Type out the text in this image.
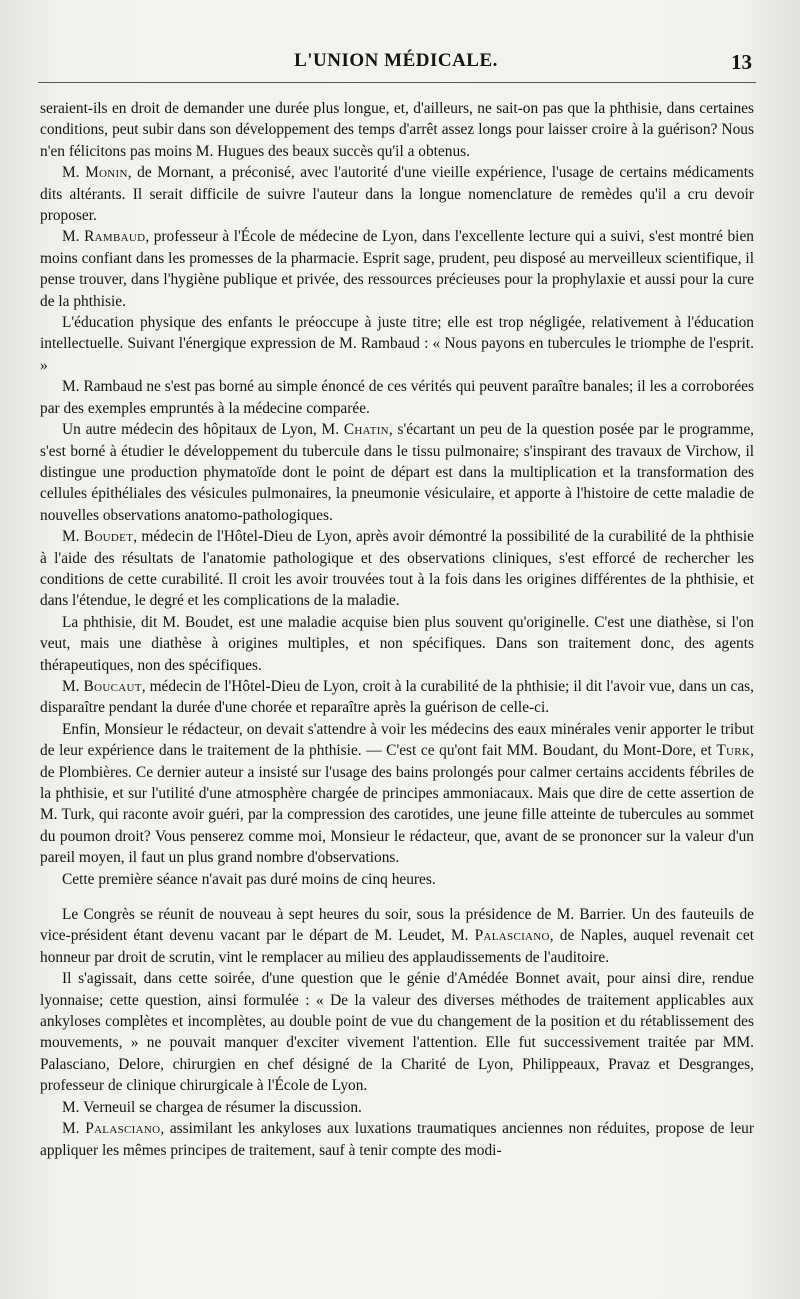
L'UNION MÉDICALE.	13

seraient-ils en droit de demander une durée plus longue, et, d'ailleurs, ne sait-on pas que la phthisie, dans certaines conditions, peut subir dans son développement des temps d'arrêt assez longs pour laisser croire à la guérison? Nous n'en félicitons pas moins M. Hugues des beaux succès qu'il a obtenus.

M. Monin, de Mornant, a préconisé, avec l'autorité d'une vieille expérience, l'usage de certains médicaments dits altérants. Il serait difficile de suivre l'auteur dans la longue nomenclature de remèdes qu'il a cru devoir proposer.

M. Rambaud, professeur à l'École de médecine de Lyon, dans l'excellente lecture qui a suivi, s'est montré bien moins confiant dans les promesses de la pharmacie. Esprit sage, prudent, peu disposé au merveilleux scientifique, il pense trouver, dans l'hygiène publique et privée, des ressources précieuses pour la prophylaxie et aussi pour la cure de la phthisie.

L'éducation physique des enfants le préoccupe à juste titre; elle est trop négligée, relativement à l'éducation intellectuelle. Suivant l'énergique expression de M. Rambaud : « Nous payons en tubercules le triomphe de l'esprit. »

M. Rambaud ne s'est pas borné au simple énoncé de ces vérités qui peuvent paraître banales; il les a corroborées par des exemples empruntés à la médecine comparée.

Un autre médecin des hôpitaux de Lyon, M. Chatin, s'écartant un peu de la question posée par le programme, s'est borné à étudier le développement du tubercule dans le tissu pulmonaire; s'inspirant des travaux de Virchow, il distingue une production phymatoïde dont le point de départ est dans la multiplication et la transformation des cellules épithéliales des vésicules pulmonaires, la pneumonie vésiculaire, et apporte à l'histoire de cette maladie de nouvelles observations anatomo-pathologiques.

M. Boudet, médecin de l'Hôtel-Dieu de Lyon, après avoir démontré la possibilité de la curabilité de la phthisie à l'aide des résultats de l'anatomie pathologique et des observations cliniques, s'est efforcé de rechercher les conditions de cette curabilité. Il croit les avoir trouvées tout à la fois dans les origines différentes de la phthisie, et dans l'étendue, le degré et les complications de la maladie.

La phthisie, dit M. Boudet, est une maladie acquise bien plus souvent qu'originelle. C'est une diathèse, si l'on veut, mais une diathèse à origines multiples, et non spécifiques. Dans son traitement donc, des agents thérapeutiques, non des spécifiques.

M. Boucaut, médecin de l'Hôtel-Dieu de Lyon, croit à la curabilité de la phthisie; il dit l'avoir vue, dans un cas, disparaître pendant la durée d'une chorée et reparaître après la guérison de celle-ci.

Enfin, Monsieur le rédacteur, on devait s'attendre à voir les médecins des eaux minérales venir apporter le tribut de leur expérience dans le traitement de la phthisie. — C'est ce qu'ont fait MM. Boudant, du Mont-Dore, et Turk, de Plombières. Ce dernier auteur a insisté sur l'usage des bains prolongés pour calmer certains accidents fébriles de la phthisie, et sur l'utilité d'une atmosphère chargée de principes ammoniacaux. Mais que dire de cette assertion de M. Turk, qui raconte avoir guéri, par la compression des carotides, une jeune fille atteinte de tubercules au sommet du poumon droit? Vous penserez comme moi, Monsieur le rédacteur, que, avant de se prononcer sur la valeur d'un pareil moyen, il faut un plus grand nombre d'observations.

Cette première séance n'avait pas duré moins de cinq heures.

Le Congrès se réunit de nouveau à sept heures du soir, sous la présidence de M. Barrier. Un des fauteuils de vice-président étant devenu vacant par le départ de M. Leudet, M. Palasciano, de Naples, auquel revenait cet honneur par droit de scrutin, vint le remplacer au milieu des applaudissements de l'auditoire.

Il s'agissait, dans cette soirée, d'une question que le génie d'Amédée Bonnet avait, pour ainsi dire, rendue lyonnaise; cette question, ainsi formulée : « De la valeur des diverses méthodes de traitement applicables aux ankyloses complètes et incomplètes, au double point de vue du changement de la position et du rétablissement des mouvements, » ne pouvait manquer d'exciter vivement l'attention. Elle fut successivement traitée par MM. Palasciano, Delore, chirurgien en chef désigné de la Charité de Lyon, Philippeaux, Pravaz et Desgranges, professeur de clinique chirurgicale à l'École de Lyon.

M. Verneuil se chargea de résumer la discussion.

M. Palasciano, assimilant les ankyloses aux luxations traumatiques anciennes non réduites, propose de leur appliquer les mêmes principes de traitement, sauf à tenir compte des modi-
